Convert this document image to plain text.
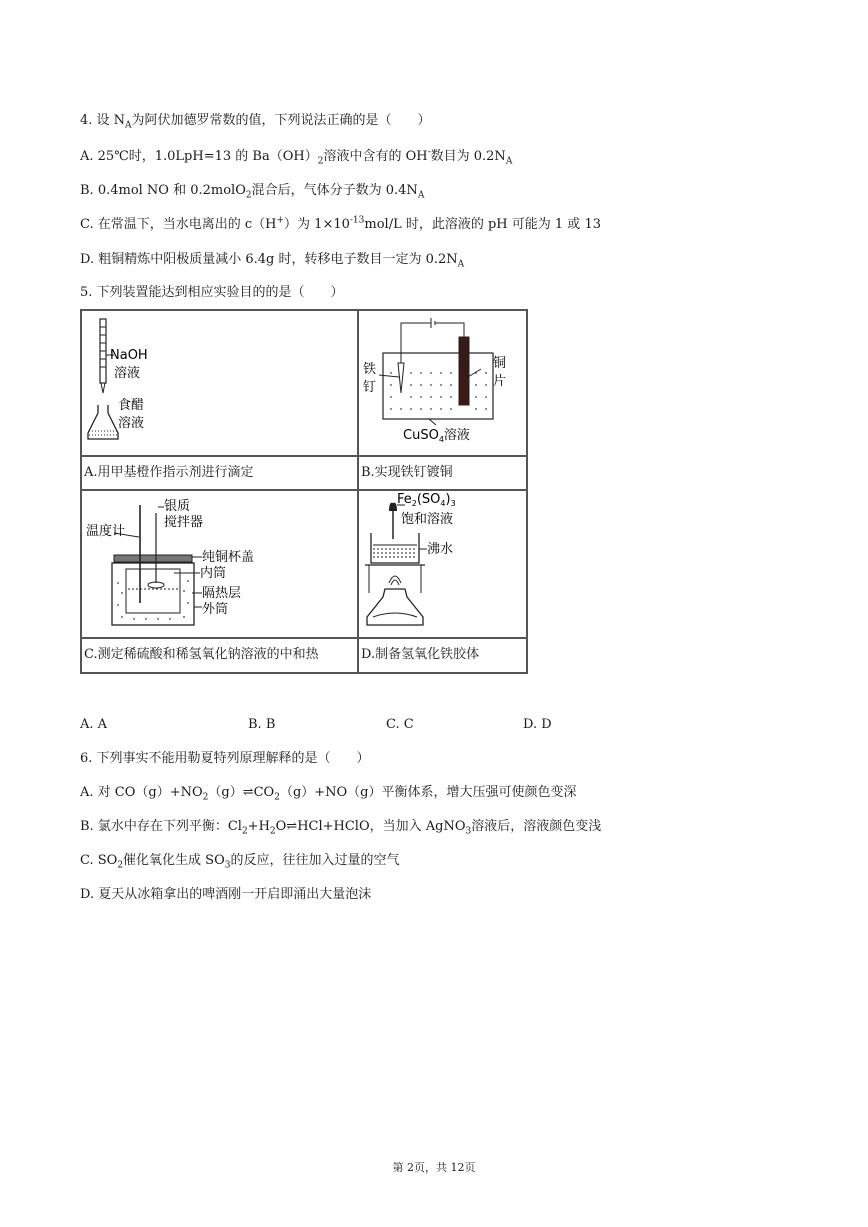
4. 设 $N_A$为阿伏加德罗常数的值，下列说法正确的是（　　）
A. 25℃时，1.0LpH=13 的 $Ba(OH)_2$溶液中含有的 OH-数目为 $0.2N_A$
B. 0.4mol NO 和 0.2molO$_2$混合后，气体分子数为 $0.4N_A$
C. 在常温下，当水电离出的 c（H+）为 $1\times 10^{-13}mol/L$ 时，此溶液的 pH 可能为 1 或 13
D. 粗铜精炼中阳极质量减小 6.4g 时，转移电子数目一定为 $0.2N_A$
5. 下列装置能达到相应实验目的的是（　　）
NaOH
溶液
食醋
溶液
铁
钉
铜
片
CuSO$_4$溶液
A.用甲基橙作指示剂进行滴定	B.实现铁钉镀铜
银质
搅拌器
温度计
纯铜杯盖
内筒
隔热层
外筒
$Fe_2(SO_4)_3$
饱和溶液
沸水
C.测定稀硫酸和稀氢氧化钠溶液的中和热	D.制备氢氧化铁胶体
A. A	B. B	C. C	D. D
6. 下列事实不能用勒夏特列原理解释的是（　　）
A. 对 $CO(g)+NO_2(g)\rightleftharpoons CO_2(g)+NO(g)$平衡体系，增大压强可使颜色变深
B. 氯水中存在下列平衡：$Cl_2+H_2O\rightleftharpoons HCl+HClO$，当加入 AgNO$_3$溶液后，溶液颜色变浅
C. $SO_2$催化氧化生成 $SO_3$的反应，往往加入过量的空气
D. 夏天从冰箱拿出的啤酒刚一开启即涌出大量泡沫
第 2页，共 12页
